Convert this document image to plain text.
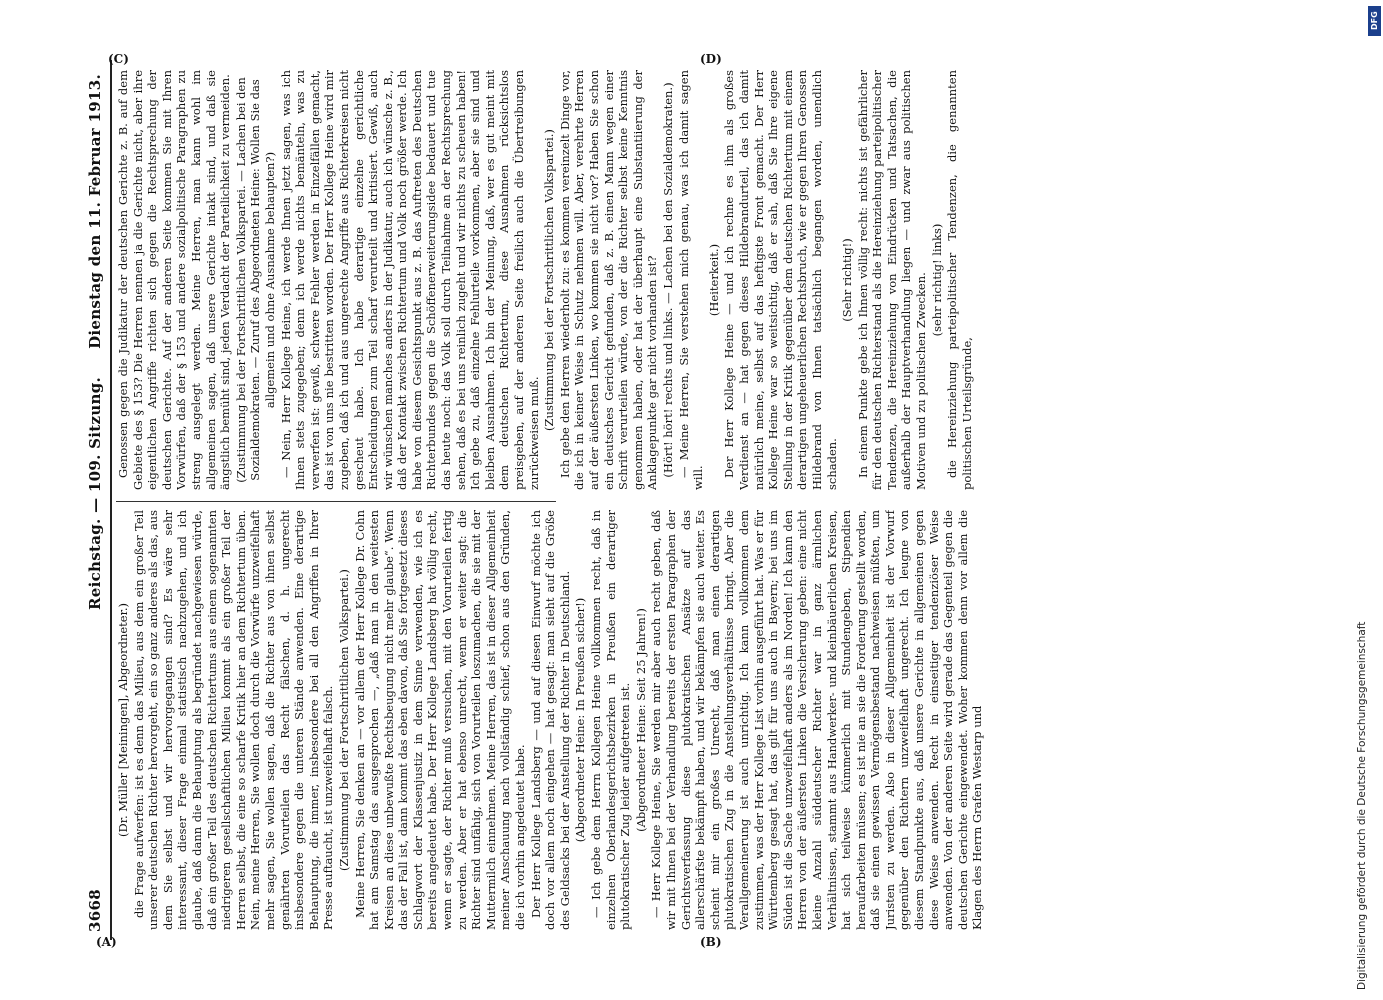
3668
Reichstag. — 109. Sitzung.
Dienstag den 11. Februar 1913.

(Dr. Müller [Meiningen], Abgeordneter.) die Frage aufwerfen: ist es denn das Milieu, aus dem ein großer Teil unserer deutschen Richter hervorgeht, ein so ganz anderes als das, aus dem Sie selbst und wir hervorgegangen sind? Es wäre sehr interessant, dieser Frage einmal statistisch nachzugehen, und ich glaube, daß dann die Behauptung als begründet nachgewiesen würde, daß ein großer Teil des deutschen Richtertums aus einem sogenannten niedrigeren gesellschaftlichen Milieu kommt als ein großer Teil der Herren selbst, die eine so scharfe Kritik hier an dem Richtertum üben. Nein, meine Herren, Sie wollen doch durch die Vorwürfe unzweifelhaft mehr sagen, Sie wollen sagen, daß die Richter aus von ihnen selbst genährten Vorurteilen das Recht fälschen, d. h. ungerecht insbesondere gegen die unteren Stände anwenden. Eine derartige Behauptung, die immer, insbesondere bei all den Angriffen in Ihrer Presse auftaucht, ist unzweifelhaft falsch. (Zustimmung bei der Fortschrittlichen Volkspartei.) Meine Herren, Sie denken an — vor allem der Herr Kollege Dr. Cohn hat am Samstag das ausgesprochen —, „daß man in den weitesten Kreisen an diese unbewußte Rechtsbeugung nicht mehr glaube“. Wenn das der Fall ist, dann kommt das eben davon, daß Sie fortgesetzt dieses Schlagwort der Klassenjustiz in dem Sinne verwenden, wie ich es bereits angedeutet habe. Der Herr Kollege Landsberg hat völlig recht, wenn er sagte, der Richter muß versuchen, mit den Vorurteilen fertig zu werden. Aber er hat ebenso unrecht, wenn er weiter sagt: die Richter sind unfähig, sich von Vorurteilen loszumachen, die sie mit der Muttermilch einnehmen. Meine Herren, das ist in dieser Allgemeinheit meiner Anschauung nach vollständig schief, schon aus den Gründen, die ich vorhin angedeutet habe. Der Herr Kollege Landsberg — und auf diesen Einwurf möchte ich doch vor allem noch eingehen — hat gesagt: man sieht auf die Größe des Geldsacks bei der Anstellung der Richter in Deutschland. (Abgeordneter Heine: In Preußen sicher!) — Ich gebe dem Herrn Kollegen Heine vollkommen recht, daß in einzelnen Oberlandesgerichtsbezirken in Preußen ein derartiger plutokratischer Zug leider aufgetreten ist. (Abgeordneter Heine: Seit 25 Jahren!) — Herr Kollege Heine, Sie werden mir aber auch recht geben, daß wir mit Ihnen bei der Verhandlung bereits der ersten Paragraphen der Gerichtsverfassung diese plutokratischen Ansätze auf das allerschärfste bekämpft haben, und wir bekämpfen sie auch weiter. Es scheint mir ein großes Unrecht, daß man einen derartigen plutokratischen Zug in die Anstellungsverhältnisse bringt. Aber die Verallgemeinerung ist auch unrichtig. Ich kann vollkommen dem zustimmen, was der Herr Kollege List vorhin ausgeführt hat. Was er für Württemberg gesagt hat, das gilt für uns auch in Bayern; bei uns im Süden ist die Sache unzweifelhaft anders als im Norden! Ich kann den Herren von der äußersten Linken die Versicherung geben: eine nicht kleine Anzahl süddeutscher Richter war in ganz ärmlichen Verhältnissen, stammt aus Handwerker- und kleinbäuerlichen Kreisen, hat sich teilweise kümmerlich mit Stundengeben, Stipendien heraufarbeiten müssen; es ist nie an sie die Forderung gestellt worden, daß sie einen gewissen Vermögensbestand nachweisen müßten, um Juristen zu werden. Also in dieser Allgemeinheit ist der Vorwurf gegenüber den Richtern unzweifelhaft ungerecht. Ich leugne von diesem Standpunkte aus, daß unsere Gerichte in allgemeinen gegen diese Weise anwenden. Recht in einseitiger tendenziöser Weise anwenden. Von der anderen Seite wird gerade das Gegenteil gegen die deutschen Gerichte eingewendet. Woher kommen denn vor allem die Klagen des Herrn Grafen Westarp und

Genossen gegen die Judikatur der deutschen Gerichte z. B. auf dem Gebiete des § 153? Die Herren nennen ja die Gerichte nicht, aber ihre eigentlichen Angriffe richten sich gegen die Rechtsprechung der deutschen Gerichte. Auf der anderen Seite kommen Sie mit Ihren Vorwürfen, daß der § 153 und andere sozialpolitische Paragraphen zu streng ausgelegt werden. Meine Herren, man kann wohl im allgemeinen sagen, daß unsere Gerichte intakt sind, und daß sie ängstlich bemüht sind, jeden Verdacht der Parteilichkeit zu vermeiden. (Zustimmung bei der Fortschrittlichen Volkspartei. — Lachen bei den Sozialdemokraten. — Zuruf des Abgeordneten Heine: Wollen Sie das allgemein und ohne Ausnahme behaupten?) — Nein, Herr Kollege Heine, ich werde Ihnen jetzt sagen, was ich Ihnen stets zugegeben; denn ich werde nichts bemänteln, was zu verwerfen ist: gewiß, schwere Fehler werden in Einzelfällen gemacht, das ist von uns nie bestritten worden. Der Herr Kollege Heine wird mir zugeben, daß ich und aus ungerechte Angriffe aus Richterkreisen nicht gescheut habe. Ich habe derartige einzelne gerichtliche Entscheidungen zum Teil scharf verurteilt und kritisiert. Gewiß, auch wir wünschen manches anders in der Judikatur, auch ich wünsche z. B., daß der Kontakt zwischen Richtertum und Volk noch größer werde. Ich habe von diesem Gesichtspunkt aus z. B. das Auftreten des Deutschen Richterbundes gegen die Schöffenerweiterungsidee bedauert und tue das heute noch: das Volk soll durch Teilnahme an der Rechtsprechung sehen, daß es bei uns reinlich zugeht und wir nichts zu scheuen haben! Ich gebe zu, daß einzelne Fehlurteile vorkommen, aber sie sind und bleiben Ausnahmen. Ich bin der Meinung, daß, wer es gut meint mit dem deutschen Richtertum, diese Ausnahmen rücksichtslos preisgeben, auf der anderen Seite freilich auch die Übertreibungen zurückweisen muß.

(Zustimmung bei der Fortschrittlichen Volkspartei.) Ich gebe den Herren wiederholt zu: es kommen vereinzelt Dinge vor, die ich in keiner Weise in Schutz nehmen will. Aber, verehrte Herren auf der äußersten Linken, wo kommen sie nicht vor? Haben Sie schon ein deutsches Gericht gefunden, daß z. B. einen Mann wegen einer Schrift verurteilen würde, von der die Richter selbst keine Kenntnis genommen haben, oder hat der überhaupt eine Substantiierung der Anklagepunkte gar nicht vorhanden ist? (Hört! hört! rechts und links. — Lachen bei den Sozialdemokraten.) — Meine Herren, Sie verstehen mich genau, was ich damit sagen will.

(Heiterkeit.) Der Herr Kollege Heine — und ich rechne es ihm als großes Verdienst an — hat gegen dieses Hildebrandurteil, das ich damit natürlich meine, selbst auf das heftigste Front gemacht. Der Herr Kollege Heine war so weitsichtig, daß er sah, daß Sie Ihre eigene Stellung in der Kritik gegenüber dem deutschen Richtertum mit einem derartigen ungeheuerlichen Rechtsbruch, wie er gegen Ihren Genossen Hildebrand von Ihnen tatsächlich begangen worden, unendlich schaden.

(Sehr richtig!) In einem Punkte gebe ich Ihnen völlig recht: nichts ist gefährlicher für den deutschen Richterstand als die Hereinziehung parteipolitischer Tendenzen, die Hereinziehung von Eindrücken und Tatsachen, die außerhalb der Hauptverhandlung liegen — und zwar aus politischen Motiven und zu politischen Zwecken. (sehr richtig! links) die Hereinziehung parteipolitischer Tendenzen, die genannten politischen Urteilsgründe,

(A)	(B)
(C)	(D)
Digitalisierung gefördert durch die Deutsche Forschungsgemeinschaft
DFG
